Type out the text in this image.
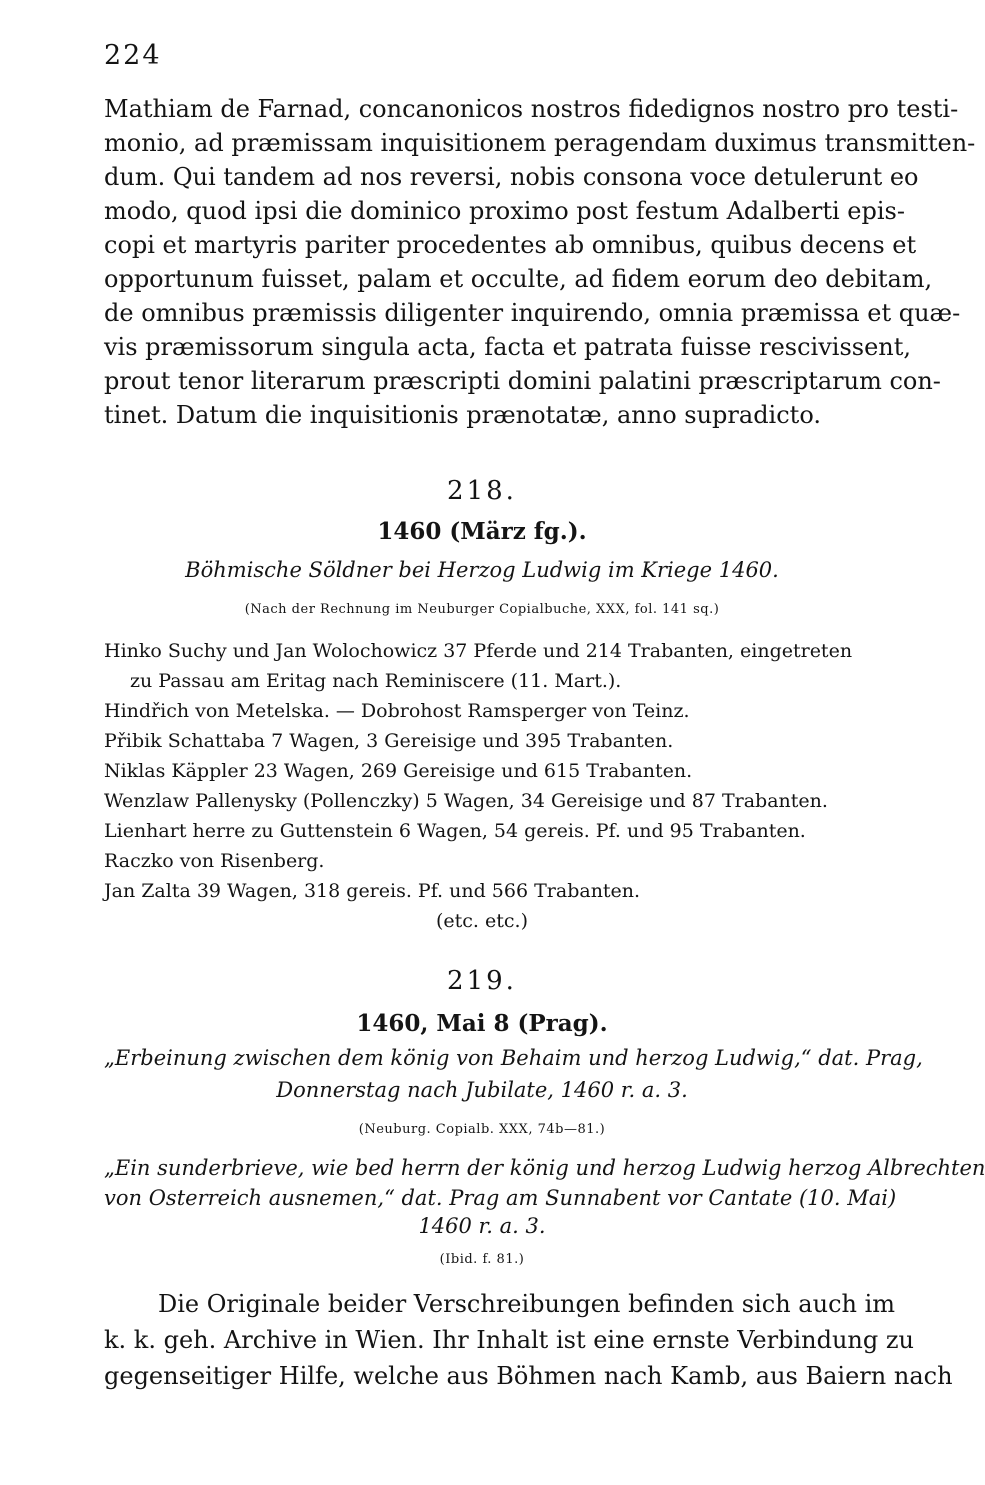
224
Mathiam de Farnad, concanonicos nostros fidedignos nostro pro testi-
monio, ad præmissam inquisitionem peragendam duximus transmitten-
dum. Qui tandem ad nos reversi, nobis consona voce detulerunt eo
modo, quod ipsi die dominico proximo post festum Adalberti epis-
copi et martyris pariter procedentes ab omnibus, quibus decens et
opportunum fuisset, palam et occulte, ad fidem eorum deo debitam,
de omnibus præmissis diligenter inquirendo, omnia præmissa et quæ-
vis præmissorum singula acta, facta et patrata fuisse rescivissent,
prout tenor literarum præscripti domini palatini præscriptarum con-
tinet. Datum die inquisitionis prænotatæ, anno supradicto.
218.
1460 (März fg.).
Böhmische Söldner bei Herzog Ludwig im Kriege 1460.
(Nach der Rechnung im Neuburger Copialbuche, XXX, fol. 141 sq.)
Hinko Suchy und Jan Wolochowicz 37 Pferde und 214 Trabanten, eingetreten
zu Passau am Eritag nach Reminiscere (11. Mart.).
Hindřich von Metelska. — Dobrohost Ramsperger von Teinz.
Přibik Schattaba 7 Wagen, 3 Gereisige und 395 Trabanten.
Niklas Käppler 23 Wagen, 269 Gereisige und 615 Trabanten.
Wenzlaw Pallenysky (Pollenczky) 5 Wagen, 34 Gereisige und 87 Trabanten.
Lienhart herre zu Guttenstein 6 Wagen, 54 gereis. Pf. und 95 Trabanten.
Raczko von Risenberg.
Jan Zalta 39 Wagen, 318 gereis. Pf. und 566 Trabanten.
(etc. etc.)
219.
1460, Mai 8 (Prag).
„Erbeinung zwischen dem könig von Behaim und herzog Ludwig,“ dat. Prag,
Donnerstag nach Jubilate, 1460 r. a. 3.
(Neuburg. Copialb. XXX, 74b—81.)
„Ein sunderbrieve, wie bed herrn der könig und herzog Ludwig herzog Albrechten
von Osterreich ausnemen,“ dat. Prag am Sunnabent vor Cantate (10. Mai)
1460 r. a. 3.
(Ibid. f. 81.)
Die Originale beider Verschreibungen befinden sich auch im
k. k. geh. Archive in Wien. Ihr Inhalt ist eine ernste Verbindung zu
gegenseitiger Hilfe, welche aus Böhmen nach Kamb, aus Baiern nach
